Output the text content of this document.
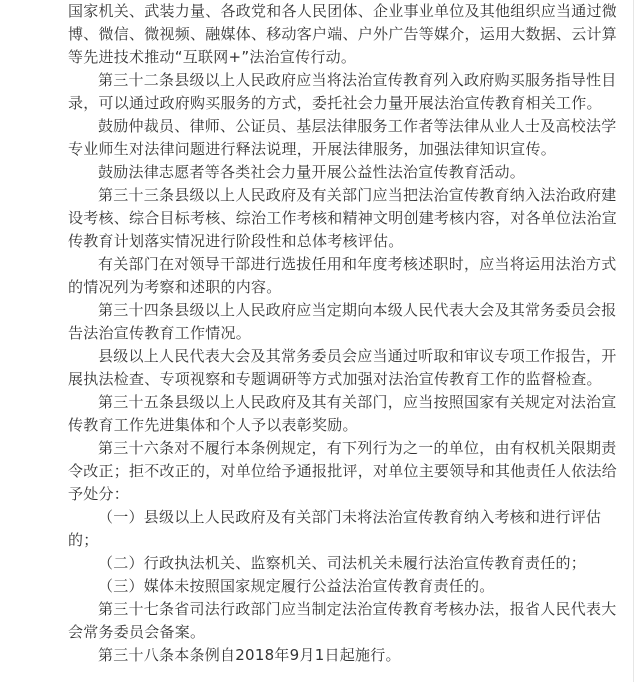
国家机关、武装力量、各政党和各人民团体、企业事业单位及其他组织应当通过微博、微信、微视频、融媒体、移动客户端、户外广告等媒介，运用大数据、云计算等先进技术推动“互联网+”法治宣传行动。

第三十二条县级以上人民政府应当将法治宣传教育列入政府购买服务指导性目录，可以通过政府购买服务的方式，委托社会力量开展法治宣传教育相关工作。

鼓励仲裁员、律师、公证员、基层法律服务工作者等法律从业人士及高校法学专业师生对法律问题进行释法说理，开展法律服务，加强法律知识宣传。

鼓励法律志愿者等各类社会力量开展公益性法治宣传教育活动。

第三十三条县级以上人民政府及有关部门应当把法治宣传教育纳入法治政府建设考核、综合目标考核、综治工作考核和精神文明创建考核内容，对各单位法治宣传教育计划落实情况进行阶段性和总体考核评估。

有关部门在对领导干部进行选拔任用和年度考核述职时，应当将运用法治方式的情况列为考察和述职的内容。

第三十四条县级以上人民政府应当定期向本级人民代表大会及其常务委员会报告法治宣传教育工作情况。

县级以上人民代表大会及其常务委员会应当通过听取和审议专项工作报告，开展执法检查、专项视察和专题调研等方式加强对法治宣传教育工作的监督检查。

第三十五条县级以上人民政府及其有关部门，应当按照国家有关规定对法治宣传教育工作先进集体和个人予以表彰奖励。

第三十六条对不履行本条例规定，有下列行为之一的单位，由有权机关限期责令改正；拒不改正的，对单位给予通报批评，对单位主要领导和其他责任人依法给予处分：

（一）县级以上人民政府及有关部门未将法治宣传教育纳入考核和进行评估的；

（二）行政执法机关、监察机关、司法机关未履行法治宣传教育责任的；

（三）媒体未按照国家规定履行公益法治宣传教育责任的。

第三十七条省司法行政部门应当制定法治宣传教育考核办法，报省人民代表大会常务委员会备案。

第三十八条本条例自2018年9月1日起施行。
